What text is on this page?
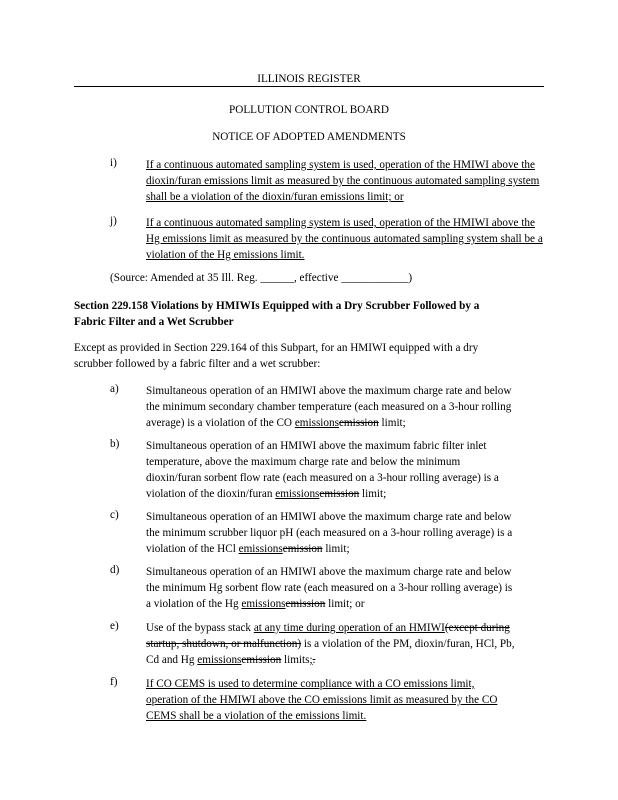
ILLINOIS REGISTER
POLLUTION CONTROL BOARD
NOTICE OF ADOPTED AMENDMENTS
i)	If a continuous automated sampling system is used, operation of the HMIWI above the dioxin/furan emissions limit as measured by the continuous automated sampling system shall be a violation of the dioxin/furan emissions limit; or
j)	If a continuous automated sampling system is used, operation of the HMIWI above the Hg emissions limit as measured by the continuous automated sampling system shall be a violation of the Hg emissions limit.
(Source: Amended at 35 Ill. Reg. ______, effective ____________)
Section 229.158 Violations by HMIWIs Equipped with a Dry Scrubber Followed by a
Fabric Filter and a Wet Scrubber
Except as provided in Section 229.164 of this Subpart, for an HMIWI equipped with a dry
scrubber followed by a fabric filter and a wet scrubber:
a)	Simultaneous operation of an HMIWI above the maximum charge rate and below
the minimum secondary chamber temperature (each measured on a 3-hour rolling
average) is a violation of the CO emissionsemission limit;
b)	Simultaneous operation of an HMIWI above the maximum fabric filter inlet
temperature, above the maximum charge rate and below the minimum
dioxin/furan sorbent flow rate (each measured on a 3-hour rolling average) is a
violation of the dioxin/furan emissionsemission limit;
c)	Simultaneous operation of an HMIWI above the maximum charge rate and below
the minimum scrubber liquor pH (each measured on a 3-hour rolling average) is a
violation of the HCl emissionsemission limit;
d)	Simultaneous operation of an HMIWI above the maximum charge rate and below
the minimum Hg sorbent flow rate (each measured on a 3-hour rolling average) is
a violation of the Hg emissionsemission limit; or
e)	Use of the bypass stack at any time during operation of an HMIWI(except during
startup, shutdown, or malfunction) is a violation of the PM, dioxin/furan, HCl, Pb,
Cd and Hg emissionsemission limits;.
f)	If CO CEMS is used to determine compliance with a CO emissions limit,
operation of the HMIWI above the CO emissions limit as measured by the CO
CEMS shall be a violation of the emissions limit.
